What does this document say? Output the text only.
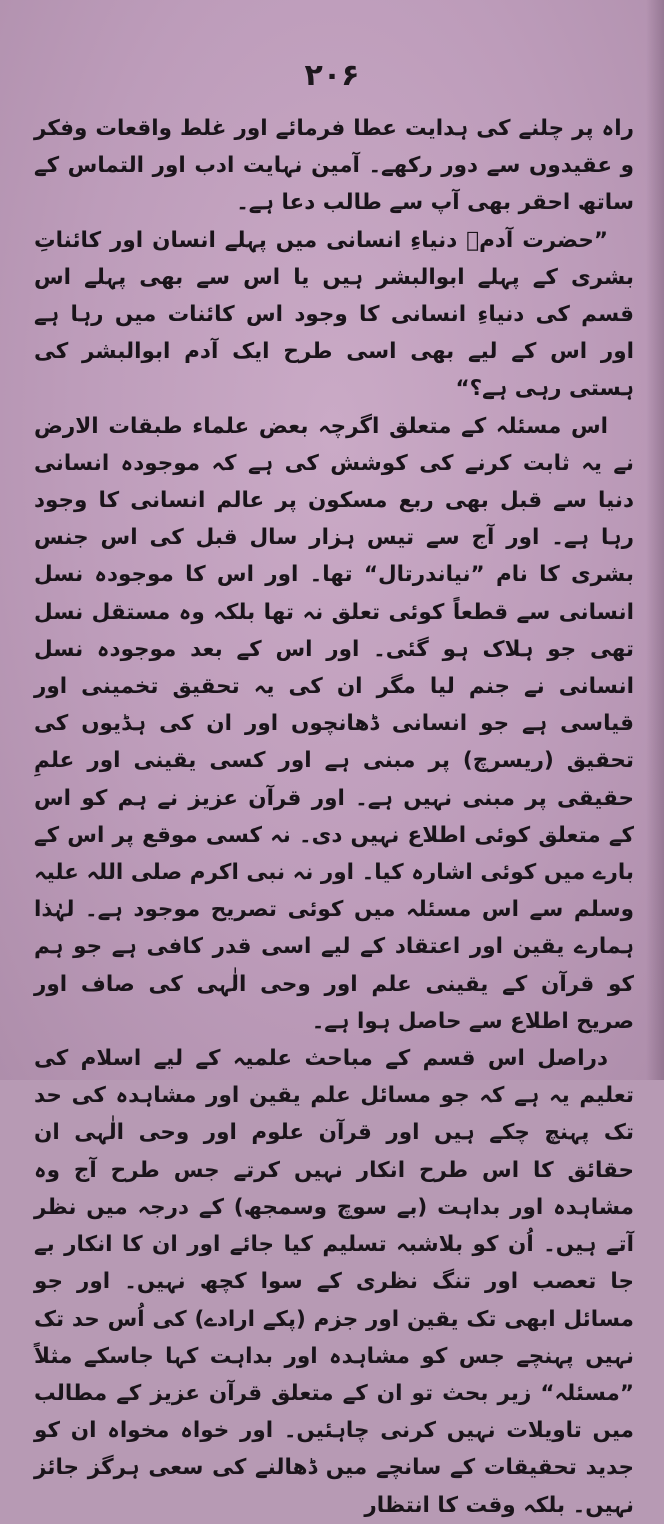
۲۰۶

راہ پر چلنے کی ہدایت عطا فرمائے اور غلط واقعات وفکر و عقیدوں سے دور رکھے۔ آمین نہایت ادب اور التماس کے ساتھ احقر بھی آپ سے طالب دعا ہے۔

”حضرت آدمؑ دنیاءِ انسانی میں پہلے انسان اور کائناتِ بشری کے پہلے ابوالبشر ہیں یا اس سے بھی پہلے اس قسم کی دنیاءِ انسانی کا وجود اس کائنات میں رہا ہے اور اس کے لیے بھی اسی طرح ایک آدم ابوالبشر کی ہستی رہی ہے؟“

اس مسئلہ کے متعلق اگرچہ بعض علماء طبقات الارض نے یہ ثابت کرنے کی کوشش کی ہے کہ موجودہ انسانی دنیا سے قبل بھی ربع مسکون پر عالم انسانی کا وجود رہا ہے۔ اور آج سے تیس ہزار سال قبل کی اس جنس بشری کا نام ”نیاندرتال“ تھا۔ اور اس کا موجودہ نسل انسانی سے قطعاً کوئی تعلق نہ تھا بلکہ وہ مستقل نسل تھی جو ہلاک ہو گئی۔ اور اس کے بعد موجودہ نسل انسانی نے جنم لیا مگر ان کی یہ تحقیق تخمینی اور قیاسی ہے جو انسانی ڈھانچوں اور ان کی ہڈیوں کی تحقیق (ریسرچ) پر مبنی ہے اور کسی یقینی اور علمِ حقیقی پر مبنی نہیں ہے۔ اور قرآن عزیز نے ہم کو اس کے متعلق کوئی اطلاع نہیں دی۔ نہ کسی موقع پر اس کے بارے میں کوئی اشارہ کیا۔ اور نہ نبی اکرم صلی اللہ علیہ وسلم سے اس مسئلہ میں کوئی تصریح موجود ہے۔ لہٰذا ہمارے یقین اور اعتقاد کے لیے اسی قدر کافی ہے جو ہم کو قرآن کے یقینی علم اور وحی الٰہی کی صاف اور صریح اطلاع سے حاصل ہوا ہے۔

دراصل اس قسم کے مباحث علمیہ کے لیے اسلام کی تعلیم یہ ہے کہ جو مسائل علم یقین اور مشاہدہ کی حد تک پہنچ چکے ہیں اور قرآن علوم اور وحی الٰہی ان حقائق کا اس طرح انکار نہیں کرتے جس طرح آج وہ مشاہدہ اور بداہت (بے سوچ وسمجھ) کے درجہ میں نظر آتے ہیں۔ اُن کو بلاشبہ تسلیم کیا جائے اور ان کا انکار بے جا تعصب اور تنگ نظری کے سوا کچھ نہیں۔ اور جو مسائل ابھی تک یقین اور جزم (پکے ارادے) کی اُس حد تک نہیں پہنچے جس کو مشاہدہ اور بداہت کہا جاسکے مثلاً ”مسئلہ“ زیر بحث تو ان کے متعلق قرآن عزیز کے مطالب میں تاویلات نہیں کرنی چاہئیں۔ اور خواہ مخواہ ان کو جدید تحقیقات کے سانچے میں ڈھالنے کی سعی ہرگز جائز نہیں۔ بلکہ وقت کا انتظار
